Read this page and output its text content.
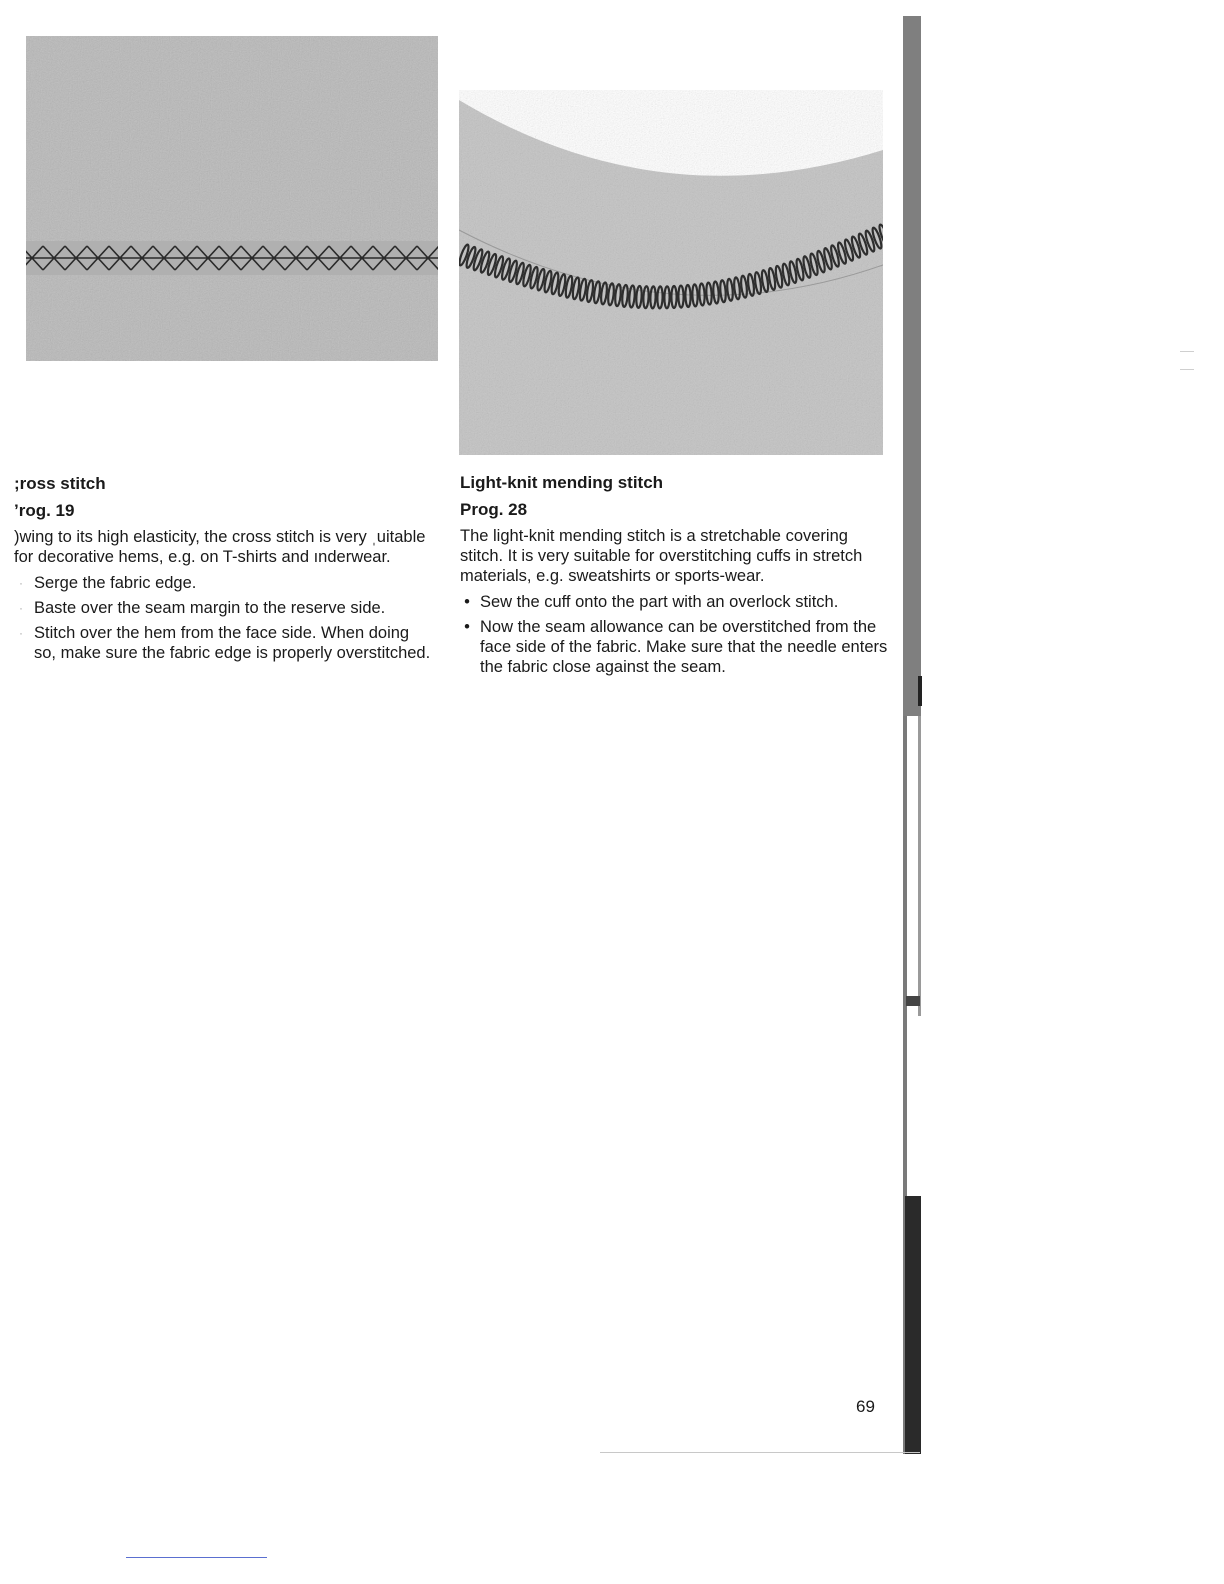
;ross stitch
’rog. 19

)wing to its high elasticity, the cross stitch is very ˌuitable for decorative hems, e.g. on T-shirts and ınderwear.

· Serge the fabric edge.
· Baste over the seam margin to the reserve side.
· Stitch over the hem from the face side. When doing so, make sure the fabric edge is properly overstitched.
Light-knit mending stitch
Prog. 28

The light-knit mending stitch is a stretchable covering stitch. It is very suitable for overstitching cuffs in stretch materials, e.g. sweatshirts or sports-wear.

• Sew the cuff onto the part with an overlock stitch.
• Now the seam allowance can be overstitched from the face side of the fabric. Make sure that the needle enters the fabric close against the seam.
69
